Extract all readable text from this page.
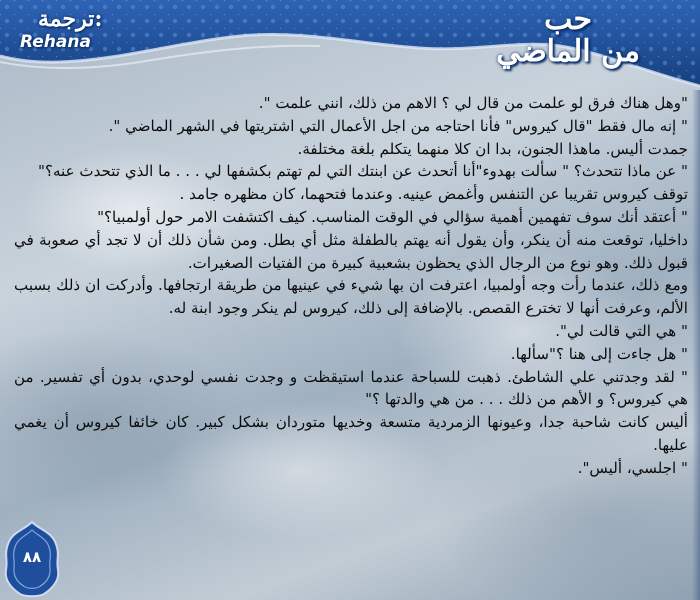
ترجمة:
Rehana
حب
من الماضي

"وهل هناك فرق لو علمت من قال لي ؟ الاهم من ذلك، انني علمت ".

" إنه مال فقط "قال كيروس" فأنا احتاجه من اجل الأعمال التي اشتريتها في الشهر الماضي ".

جمدت أليس. ماهذا الجنون، بدا ان كلا منهما يتكلم بلغة مختلفة.

" عن ماذا تتحدث؟ " سألت بهدوء"أنا أتحدث عن ابنتك التي لم تهتم بكشفها لي . . . ما الذي تتحدث عنه؟"

توقف كيروس تقريبا عن التنفس وأغمض عينيه. وعندما فتحهما، كان مظهره جامد .

" أعتقد أنك سوف تفهمين أهمية سؤالي في الوقت المناسب. كيف اكتشفت الامر حول أولمبيا؟"

داخليا، توقعت منه أن ينكر، وأن يقول أنه يهتم بالطفلة مثل أي بطل. ومن شأن ذلك أن لا تجد أي صعوبة في قبول ذلك. وهو نوع من الرجال الذي يحظون بشعبية كبيرة من الفتيات الصغيرات.

ومع ذلك، عندما رأت وجه أولمبيا، اعترفت ان بها شيء في عينيها من طريقة ارتجافها. وأدركت ان ذلك بسبب الألم، وعرفت أنها لا تخترع القصص. بالإضافة إلى ذلك، كيروس لم ينكر وجود ابنة له.

" هي التي قالت لي".

" هل جاءت إلى هنا ؟"سألها.

" لقد وجدتني علي الشاطئ. ذهبت للسباحة عندما استيقظت و وجدت نفسي لوحدي، بدون أي تفسير. من هي كيروس؟ و الأهم من ذلك . . . من هي والدتها ؟"

أليس كانت شاحبة جدا، وعيونها الزمردية متسعة وخديها متوردان بشكل كبير. كان خائفا كيروس أن يغمي عليها.

" اجلسي، أليس".

٨٨
